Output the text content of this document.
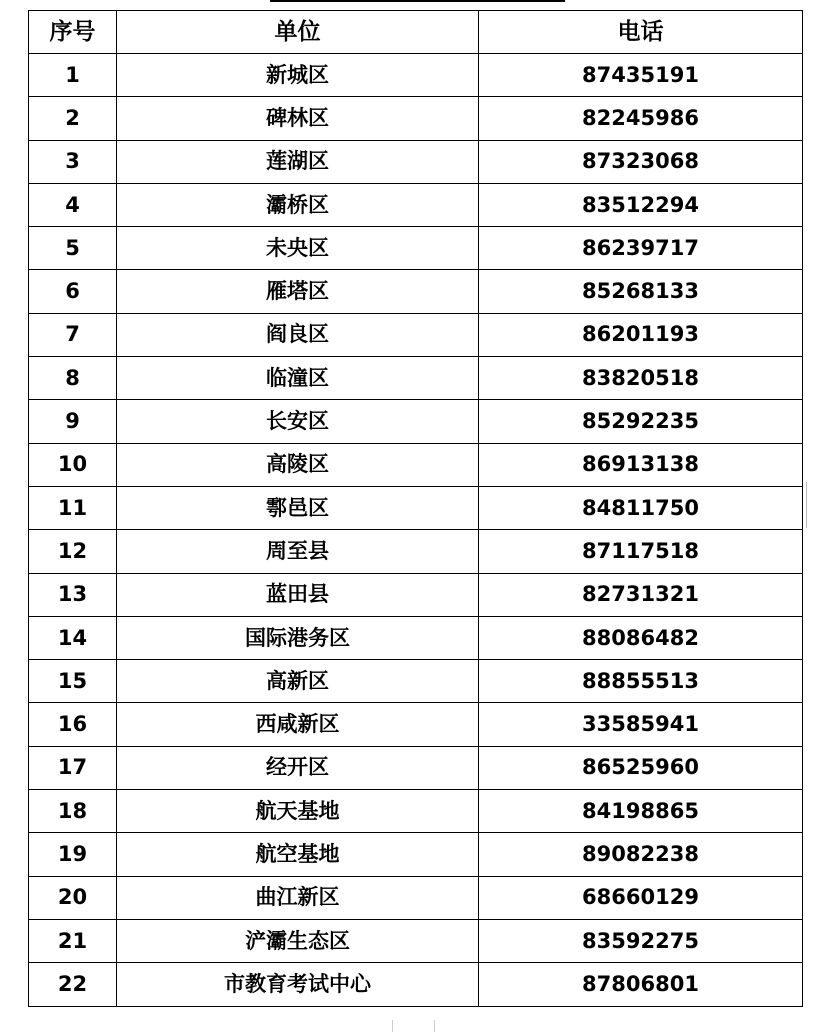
序号	单位	电话
1	新城区	87435191
2	碑林区	82245986
3	莲湖区	87323068
4	灞桥区	83512294
5	未央区	86239717
6	雁塔区	85268133
7	阎良区	86201193
8	临潼区	83820518
9	长安区	85292235
10	高陵区	86913138
11	鄠邑区	84811750
12	周至县	87117518
13	蓝田县	82731321
14	国际港务区	88086482
15	高新区	88855513
16	西咸新区	33585941
17	经开区	86525960
18	航天基地	84198865
19	航空基地	89082238
20	曲江新区	68660129
21	浐灞生态区	83592275
22	市教育考试中心	87806801
